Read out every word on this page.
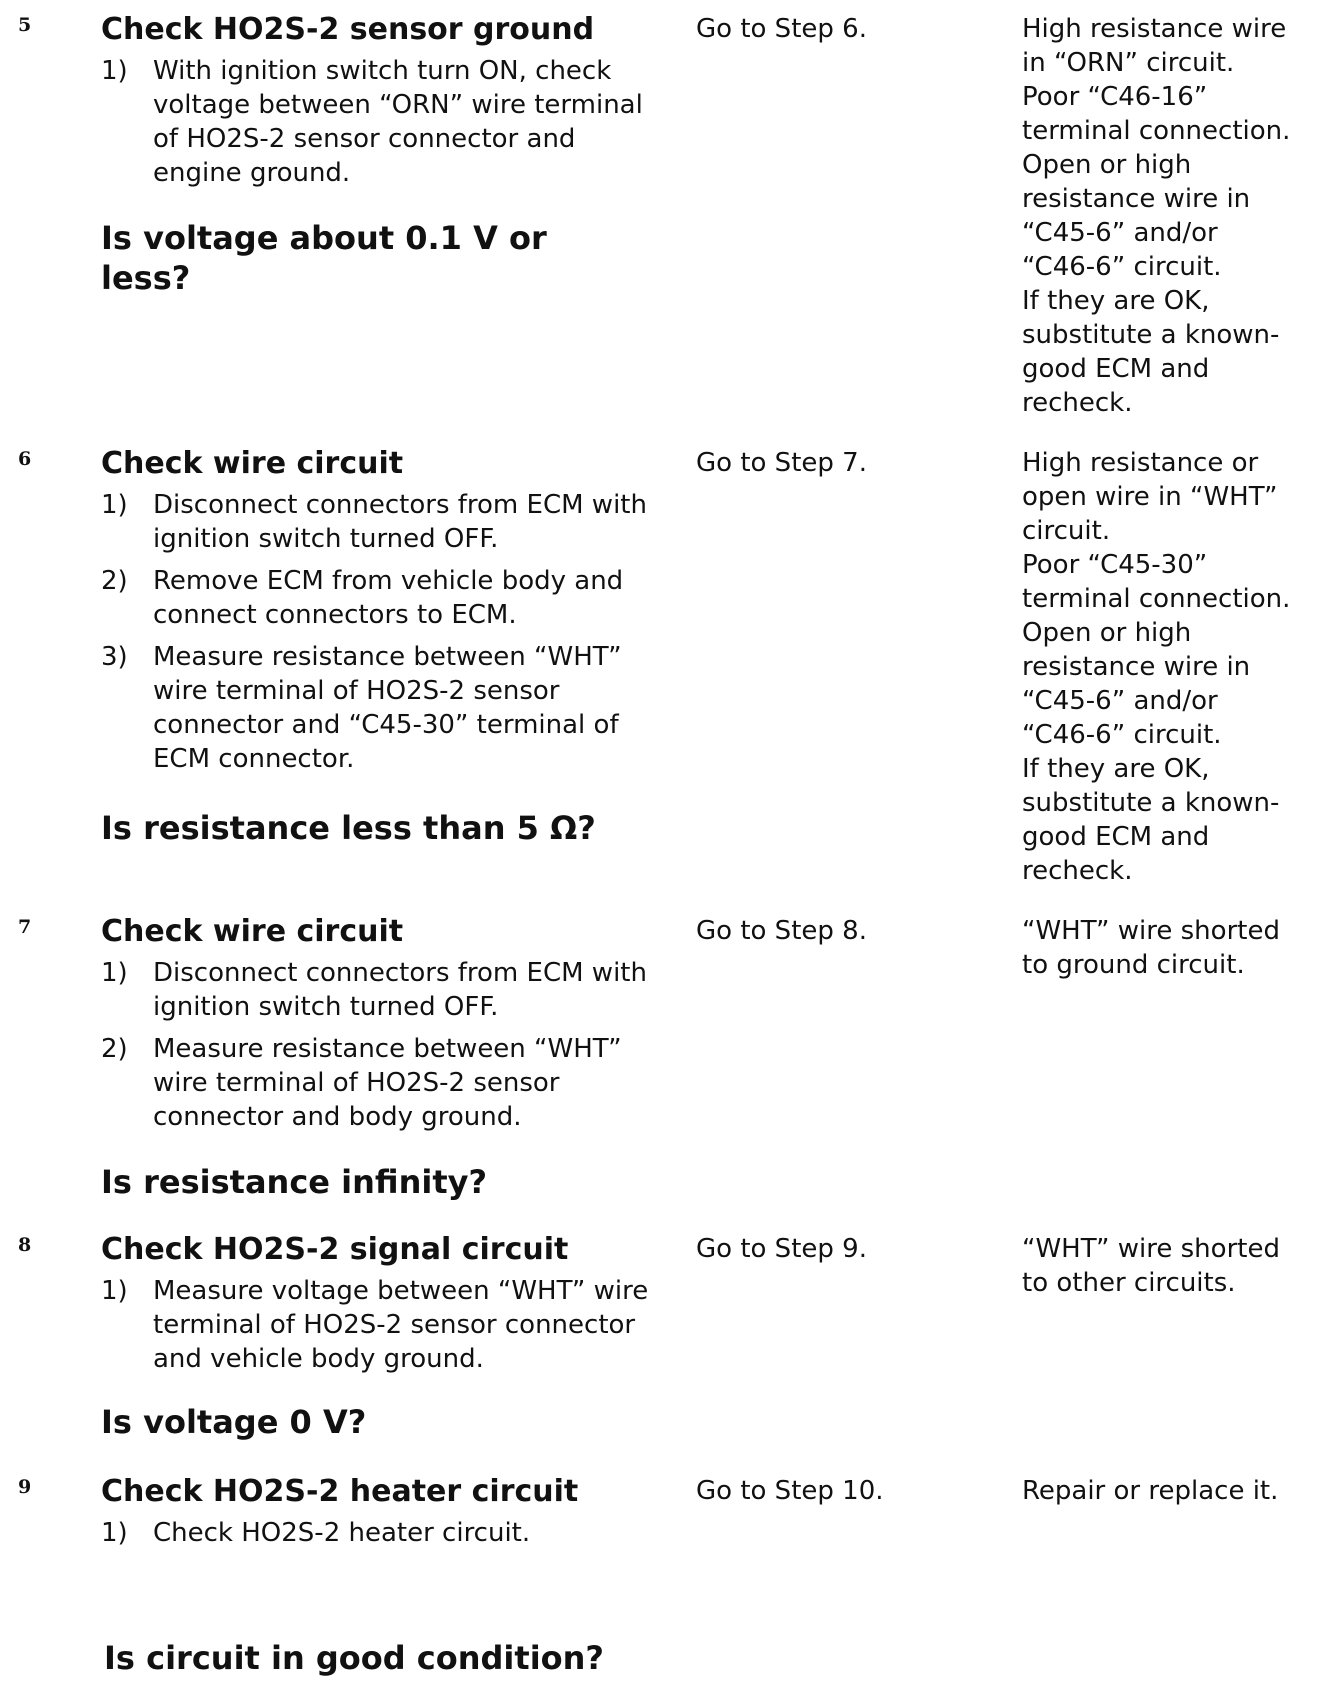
5 Check HO2S-2 sensor ground
1) With ignition switch turn ON, check voltage between “ORN” wire terminal of HO2S-2 sensor connector and engine ground.
Is voltage about 0.1 V or less?
Go to Step 6.	High resistance wire
in “ORN” circuit.
Poor “C46-16”
terminal connection.
Open or high
resistance wire in
“C45-6” and/or
“C46-6” circuit.
If they are OK,
substitute a known-
good ECM and
recheck.
6 Check wire circuit
1) Disconnect connectors from ECM with ignition switch turned OFF.
2) Remove ECM from vehicle body and connect connectors to ECM.
3) Measure resistance between “WHT” wire terminal of HO2S-2 sensor connector and “C45-30” terminal of ECM connector.
Is resistance less than 5 Ω?
Go to Step 7.	High resistance or
open wire in “WHT”
circuit.
Poor “C45-30”
terminal connection.
Open or high
resistance wire in
“C45-6” and/or
“C46-6” circuit.
If they are OK,
substitute a known-
good ECM and
recheck.
7 Check wire circuit
1) Disconnect connectors from ECM with ignition switch turned OFF.
2) Measure resistance between “WHT” wire terminal of HO2S-2 sensor connector and body ground.
Is resistance infinity?
Go to Step 8.	“WHT” wire shorted
to ground circuit.
8 Check HO2S-2 signal circuit
1) Measure voltage between “WHT” wire terminal of HO2S-2 sensor connector and vehicle body ground.
Is voltage 0 V?
Go to Step 9.	“WHT” wire shorted
to other circuits.
9 Check HO2S-2 heater circuit
1) Check HO2S-2 heater circuit.
Is circuit in good condition?
Go to Step 10.	Repair or replace it.
